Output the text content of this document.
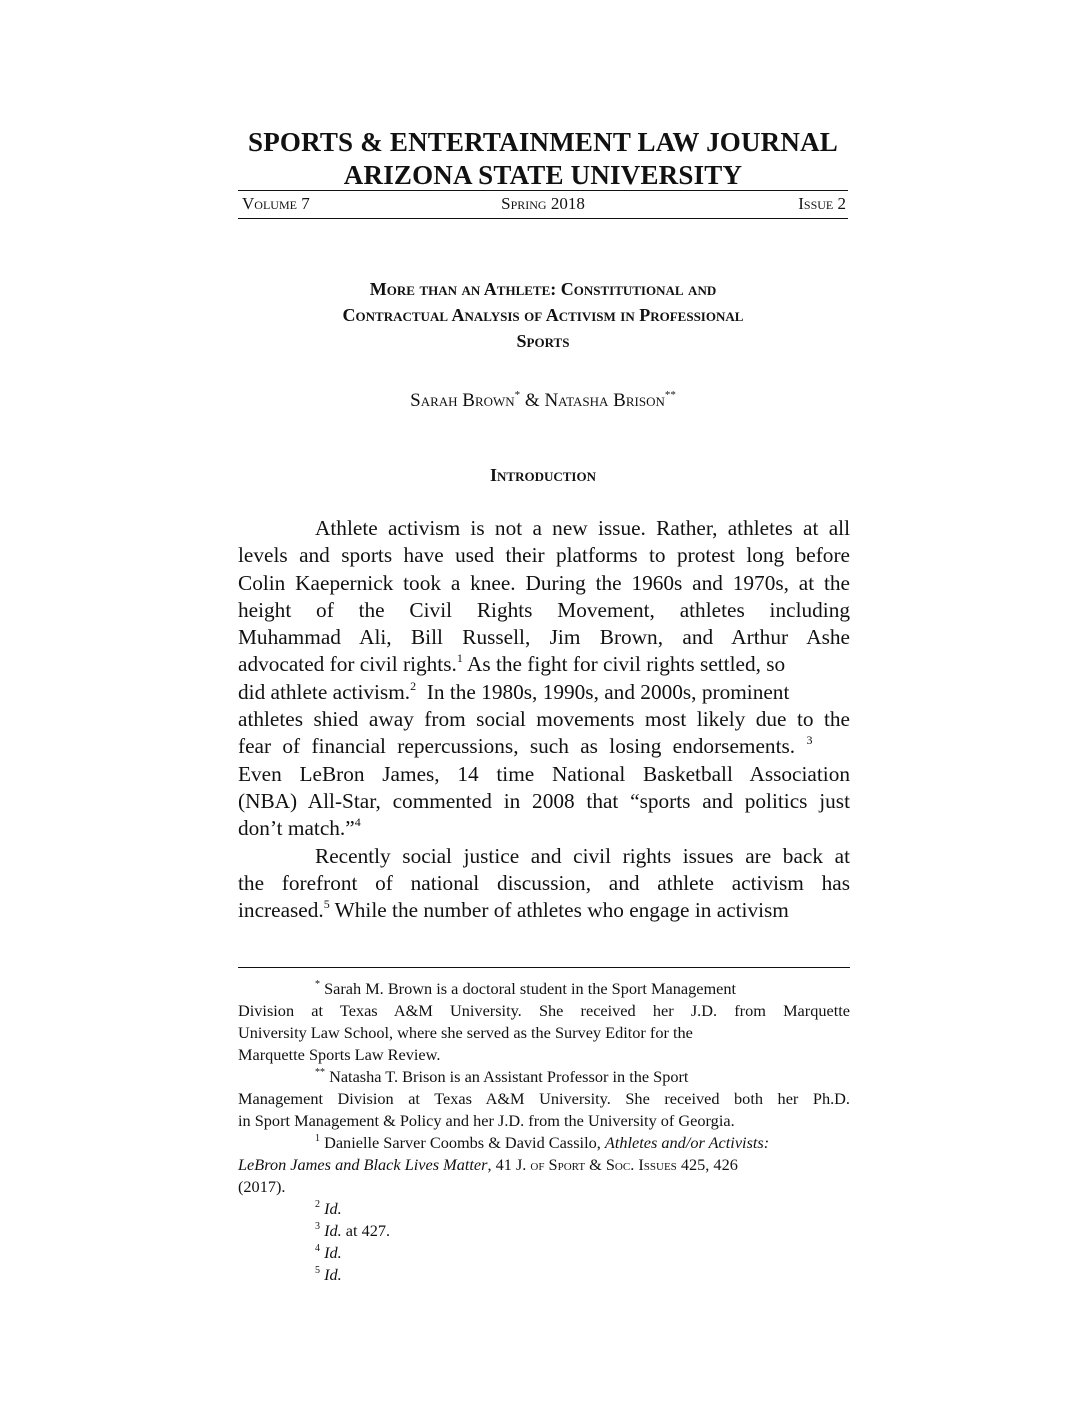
SPORTS & ENTERTAINMENT LAW JOURNAL
ARIZONA STATE UNIVERSITY
Volume 7	Spring 2018	Issue 2
More than an Athlete: Constitutional and
Contractual Analysis of Activism in Professional
Sports
Sarah Brown* & Natasha Brison**
Introduction
Athlete activism is not a new issue. Rather, athletes at all
levels and sports have used their platforms to protest long before
Colin Kaepernick took a knee. During the 1960s and 1970s, at the
height of the Civil Rights Movement, athletes including
Muhammad Ali, Bill Russell, Jim Brown, and Arthur Ashe
advocated for civil rights.$^1$ As the fight for civil rights settled, so
did athlete activism.$^2$  In the 1980s, 1990s, and 2000s, prominent
athletes shied away from social movements most likely due to the
fear of financial repercussions, such as losing endorsements. $^3$
Even LeBron James, 14 time National Basketball Association
(NBA) All-Star, commented in 2008 that “sports and politics just
don’t match.”$^4$
Recently social justice and civil rights issues are back at
the forefront of national discussion, and athlete activism has
increased.$^5$ While the number of athletes who engage in activism
* Sarah M. Brown is a doctoral student in the Sport Management
Division at Texas A&M University. She received her J.D. from Marquette
University Law School, where she served as the Survey Editor for the
Marquette Sports Law Review.
** Natasha T. Brison is an Assistant Professor in the Sport
Management Division at Texas A&M University. She received both her Ph.D.
in Sport Management & Policy and her J.D. from the University of Georgia.
$^1$ Danielle Sarver Coombs & David Cassilo, Athletes and/or Activists:
LeBron James and Black Lives Matter, 41 J. of Sport & Soc. Issues 425, 426
(2017).
$^2$ Id.
$^3$ Id. at 427.
$^4$ Id.
$^5$ Id.
